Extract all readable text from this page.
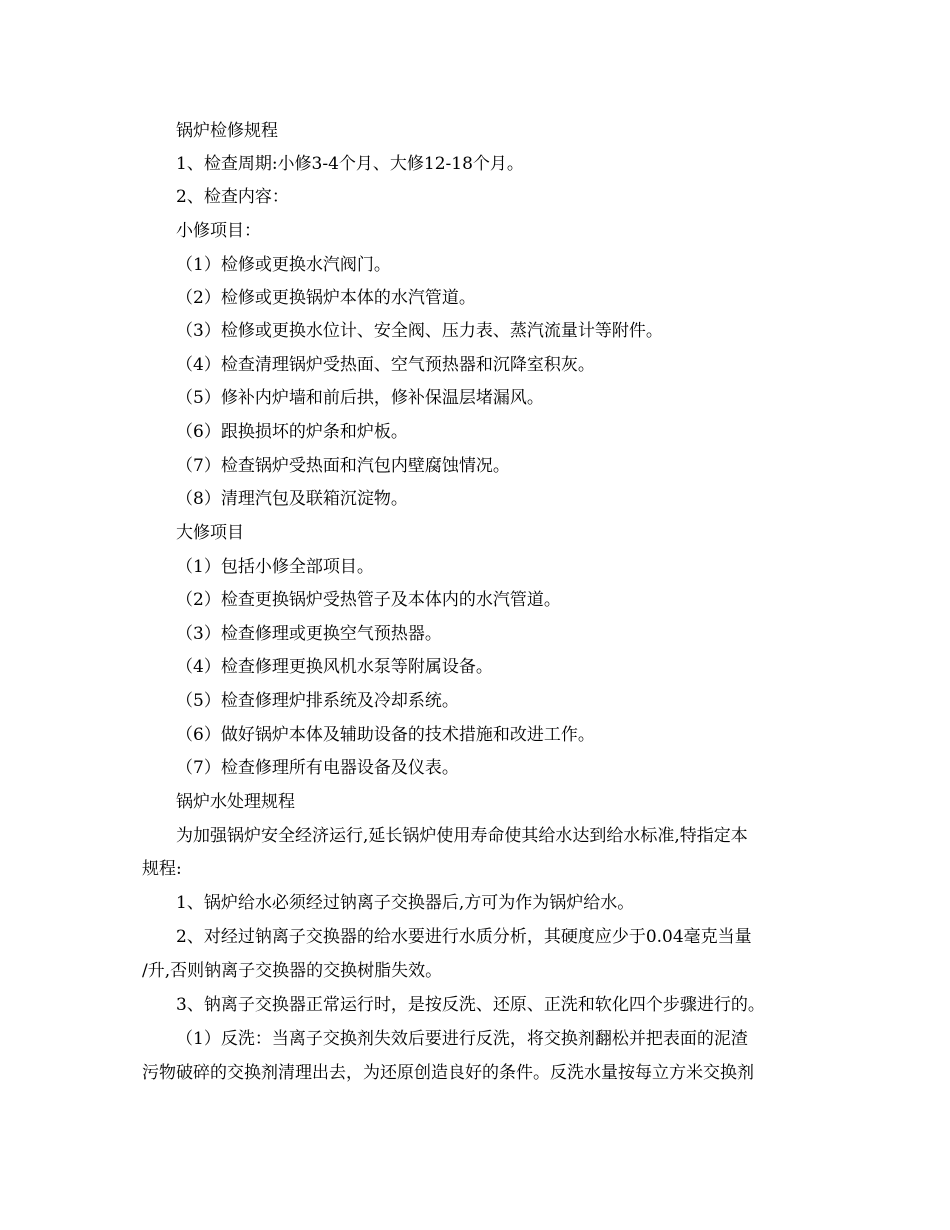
锅炉检修规程
1、检查周期:小修3-4个月、大修12-18个月。
2、检查内容：
小修项目：
（1）检修或更换水汽阀门。
（2）检修或更换锅炉本体的水汽管道。
（3）检修或更换水位计、安全阀、压力表、蒸汽流量计等附件。
（4）检查清理锅炉受热面、空气预热器和沉降室积灰。
（5）修补内炉墙和前后拱，修补保温层堵漏风。
（6）跟换损坏的炉条和炉板。
（7）检查锅炉受热面和汽包内壁腐蚀情况。
（8）清理汽包及联箱沉淀物。
大修项目
（1）包括小修全部项目。
（2）检查更换锅炉受热管子及本体内的水汽管道。
（3）检查修理或更换空气预热器。
（4）检查修理更换风机水泵等附属设备。
（5）检查修理炉排系统及冷却系统。
（6）做好锅炉本体及辅助设备的技术措施和改进工作。
（7）检查修理所有电器设备及仪表。
锅炉水处理规程
为加强锅炉安全经济运行,延长锅炉使用寿命使其给水达到给水标准,特指定本
规程:
1、锅炉给水必须经过钠离子交换器后,方可为作为锅炉给水。
2、对经过钠离子交换器的给水要进行水质分析，其硬度应少于0.04毫克当量
/升,否则钠离子交换器的交换树脂失效。
3、钠离子交换器正常运行时，是按反洗、还原、正洗和软化四个步骤进行的。
（1）反洗：当离子交换剂失效后要进行反洗，将交换剂翻松并把表面的泥渣
污物破碎的交换剂清理出去，为还原创造良好的条件。反洗水量按每立方米交换剂
